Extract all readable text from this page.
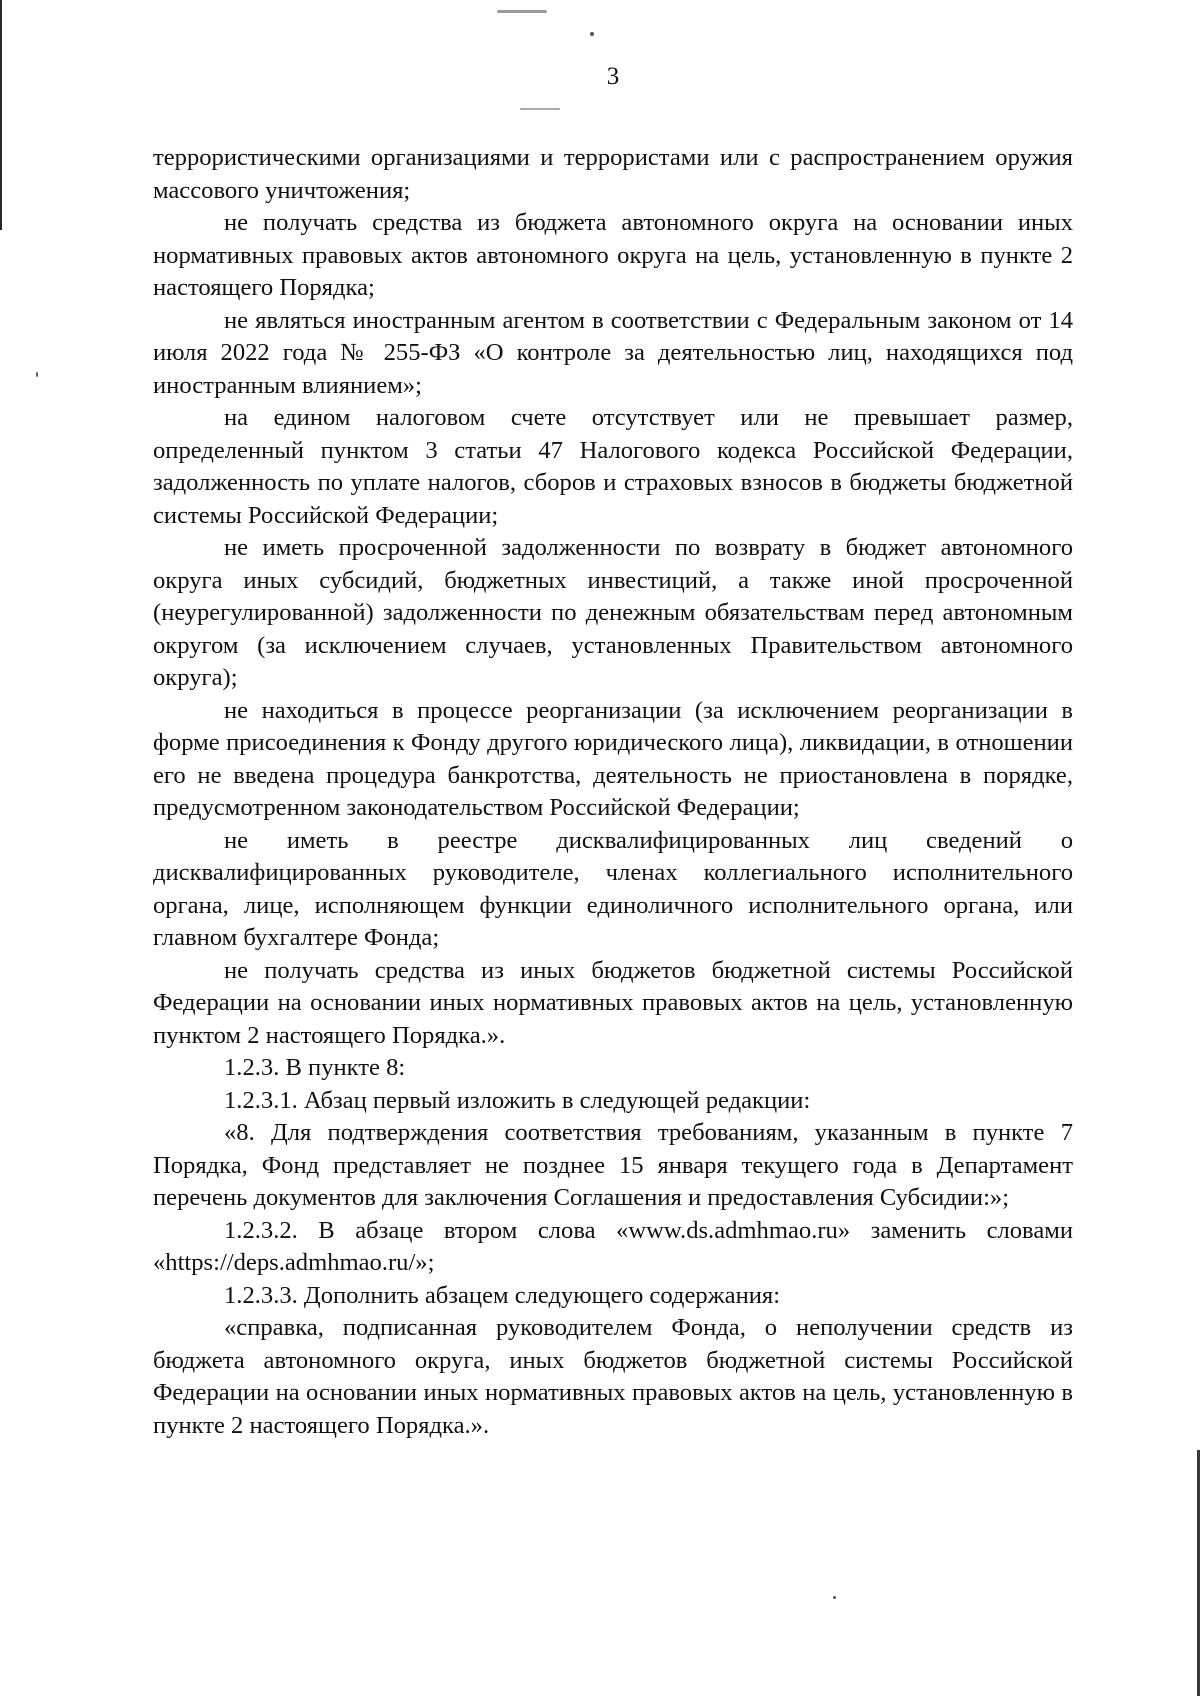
3

террористическими организациями и террористами или с распространением оружия массового уничтожения;

не получать средства из бюджета автономного округа на основании иных нормативных правовых актов автономного округа на цель, установленную в пункте 2 настоящего Порядка;

не являться иностранным агентом в соответствии с Федеральным законом от 14 июля 2022 года № 255-ФЗ «О контроле за деятельностью лиц, находящихся под иностранным влиянием»;

на едином налоговом счете отсутствует или не превышает размер, определенный пунктом 3 статьи 47 Налогового кодекса Российской Федерации, задолженность по уплате налогов, сборов и страховых взносов в бюджеты бюджетной системы Российской Федерации;

не иметь просроченной задолженности по возврату в бюджет автономного округа иных субсидий, бюджетных инвестиций, а также иной просроченной (неурегулированной) задолженности по денежным обязательствам перед автономным округом (за исключением случаев, установленных Правительством автономного округа);

не находиться в процессе реорганизации (за исключением реорганизации в форме присоединения к Фонду другого юридического лица), ликвидации, в отношении его не введена процедура банкротства, деятельность не приостановлена в порядке, предусмотренном законодательством Российской Федерации;

не иметь в реестре дисквалифицированных лиц сведений о дисквалифицированных руководителе, членах коллегиального исполнительного органа, лице, исполняющем функции единоличного исполнительного органа, или главном бухгалтере Фонда;

не получать средства из иных бюджетов бюджетной системы Российской Федерации на основании иных нормативных правовых актов на цель, установленную пунктом 2 настоящего Порядка.».

1.2.3. В пункте 8:

1.2.3.1. Абзац первый изложить в следующей редакции:

«8. Для подтверждения соответствия требованиям, указанным в пункте 7 Порядка, Фонд представляет не позднее 15 января текущего года в Департамент перечень документов для заключения Соглашения и предоставления Субсидии:»;

1.2.3.2. В абзаце втором слова «www.ds.admhmao.ru» заменить словами «https://deps.admhmao.ru/»;

1.2.3.3. Дополнить абзацем следующего содержания:

«справка, подписанная руководителем Фонда, о неполучении средств из бюджета автономного округа, иных бюджетов бюджетной системы Российской Федерации на основании иных нормативных правовых актов на цель, установленную в пункте 2 настоящего Порядка.».
